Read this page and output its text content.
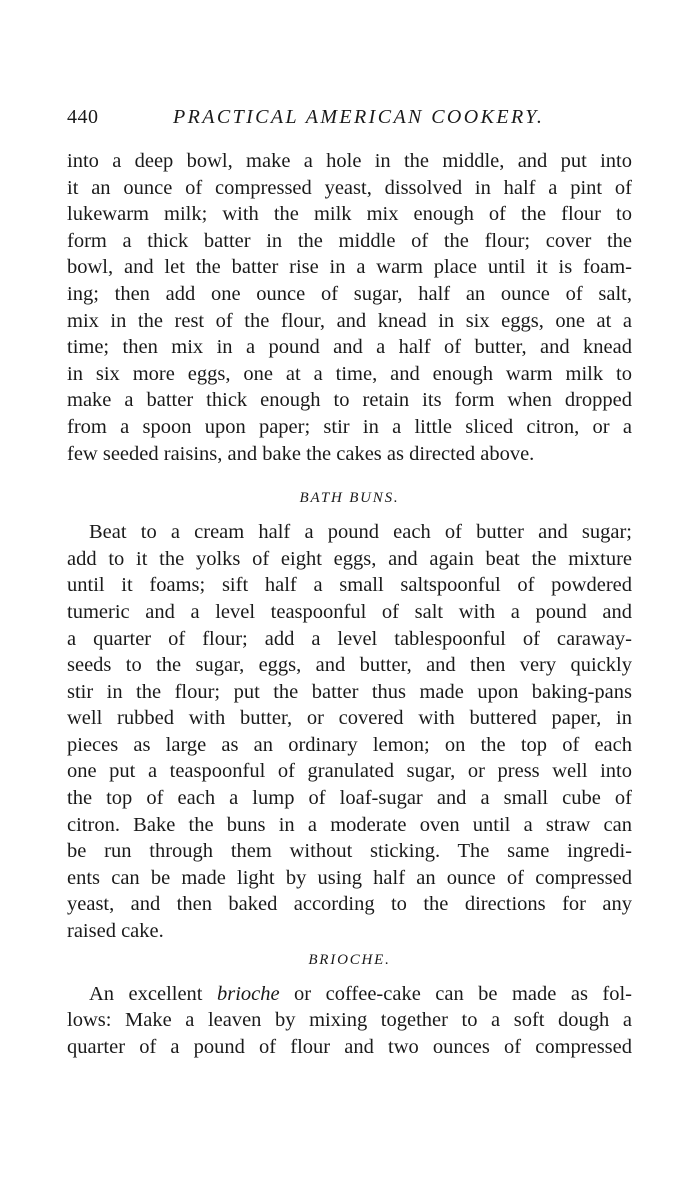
440	PRACTICAL AMERICAN COOKERY.
into a deep bowl, make a hole in the middle, and put into
it an ounce of compressed yeast, dissolved in half a pint of
lukewarm milk; with the milk mix enough of the flour to
form a thick batter in the middle of the flour; cover the
bowl, and let the batter rise in a warm place until it is foam-
ing; then add one ounce of sugar, half an ounce of salt,
mix in the rest of the flour, and knead in six eggs, one at a
time; then mix in a pound and a half of butter, and knead
in six more eggs, one at a time, and enough warm milk to
make a batter thick enough to retain its form when dropped
from a spoon upon paper; stir in a little sliced citron, or a
few seeded raisins, and bake the cakes as directed above.
BATH BUNS.
Beat to a cream half a pound each of butter and sugar;
add to it the yolks of eight eggs, and again beat the mixture
until it foams; sift half a small saltspoonful of powdered
tumeric and a level teaspoonful of salt with a pound and
a quarter of flour; add a level tablespoonful of caraway-
seeds to the sugar, eggs, and butter, and then very quickly
stir in the flour; put the batter thus made upon baking-pans
well rubbed with butter, or covered with buttered paper, in
pieces as large as an ordinary lemon; on the top of each
one put a teaspoonful of granulated sugar, or press well into
the top of each a lump of loaf-sugar and a small cube of
citron. Bake the buns in a moderate oven until a straw can
be run through them without sticking. The same ingredi-
ents can be made light by using half an ounce of compressed
yeast, and then baked according to the directions for any
raised cake.
BRIOCHE.
An excellent brioche or coffee-cake can be made as fol-
lows: Make a leaven by mixing together to a soft dough a
quarter of a pound of flour and two ounces of compressed
